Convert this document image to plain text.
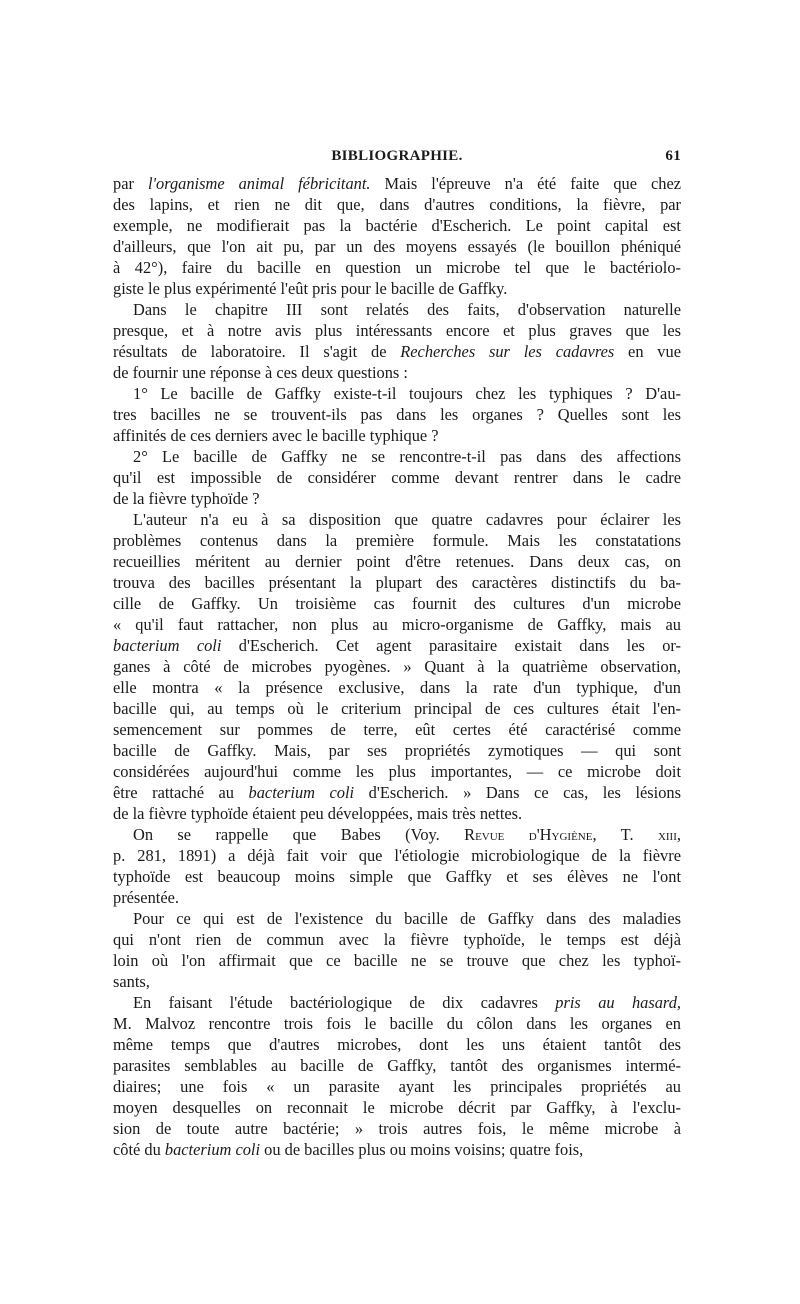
BIBLIOGRAPHIE.	61
par l'organisme animal fébricitant. Mais l'épreuve n'a été faite que chez
des lapins, et rien ne dit que, dans d'autres conditions, la fièvre, par
exemple, ne modifierait pas la bactérie d'Escherich. Le point capital est
d'ailleurs, que l'on ait pu, par un des moyens essayés (le bouillon phéniqué
à 42°), faire du bacille en question un microbe tel que le bactériolo-
giste le plus expérimenté l'eût pris pour le bacille de Gaffky.
Dans le chapitre III sont relatés des faits, d'observation naturelle
presque, et à notre avis plus intéressants encore et plus graves que les
résultats de laboratoire. Il s'agit de Recherches sur les cadavres en vue
de fournir une réponse à ces deux questions :
1° Le bacille de Gaffky existe-t-il toujours chez les typhiques ? D'au-
tres bacilles ne se trouvent-ils pas dans les organes ? Quelles sont les
affinités de ces derniers avec le bacille typhique ?
2° Le bacille de Gaffky ne se rencontre-t-il pas dans des affections
qu'il est impossible de considérer comme devant rentrer dans le cadre
de la fièvre typhoïde ?
L'auteur n'a eu à sa disposition que quatre cadavres pour éclairer les
problèmes contenus dans la première formule. Mais les constatations
recueillies méritent au dernier point d'être retenues. Dans deux cas, on
trouva des bacilles présentant la plupart des caractères distinctifs du ba-
cille de Gaffky. Un troisième cas fournit des cultures d'un microbe
« qu'il faut rattacher, non plus au micro-organisme de Gaffky, mais au
bacterium coli d'Escherich. Cet agent parasitaire existait dans les or-
ganes à côté de microbes pyogènes. » Quant à la quatrième observation,
elle montra « la présence exclusive, dans la rate d'un typhique, d'un
bacille qui, au temps où le criterium principal de ces cultures était l'en-
semencement sur pommes de terre, eût certes été caractérisé comme
bacille de Gaffky. Mais, par ses propriétés zymotiques — qui sont
considérées aujourd'hui comme les plus importantes, — ce microbe doit
être rattaché au bacterium coli d'Escherich. » Dans ce cas, les lésions
de la fièvre typhoïde étaient peu développées, mais très nettes.
On se rappelle que Babes (Voy. Revue d'Hygiène, T. xiii,
p. 281, 1891) a déjà fait voir que l'étiologie microbiologique de la fièvre
typhoïde est beaucoup moins simple que Gaffky et ses élèves ne l'ont
présentée.
Pour ce qui est de l'existence du bacille de Gaffky dans des maladies
qui n'ont rien de commun avec la fièvre typhoïde, le temps est déjà
loin où l'on affirmait que ce bacille ne se trouve que chez les typhoï-
sants,
En faisant l'étude bactériologique de dix cadavres pris au hasard,
M. Malvoz rencontre trois fois le bacille du côlon dans les organes en
même temps que d'autres microbes, dont les uns étaient tantôt des
parasites semblables au bacille de Gaffky, tantôt des organismes intermé-
diaires; une fois « un parasite ayant les principales propriétés au
moyen desquelles on reconnait le microbe décrit par Gaffky, à l'exclu-
sion de toute autre bactérie; » trois autres fois, le même microbe à
côté du bacterium coli ou de bacilles plus ou moins voisins; quatre fois,
